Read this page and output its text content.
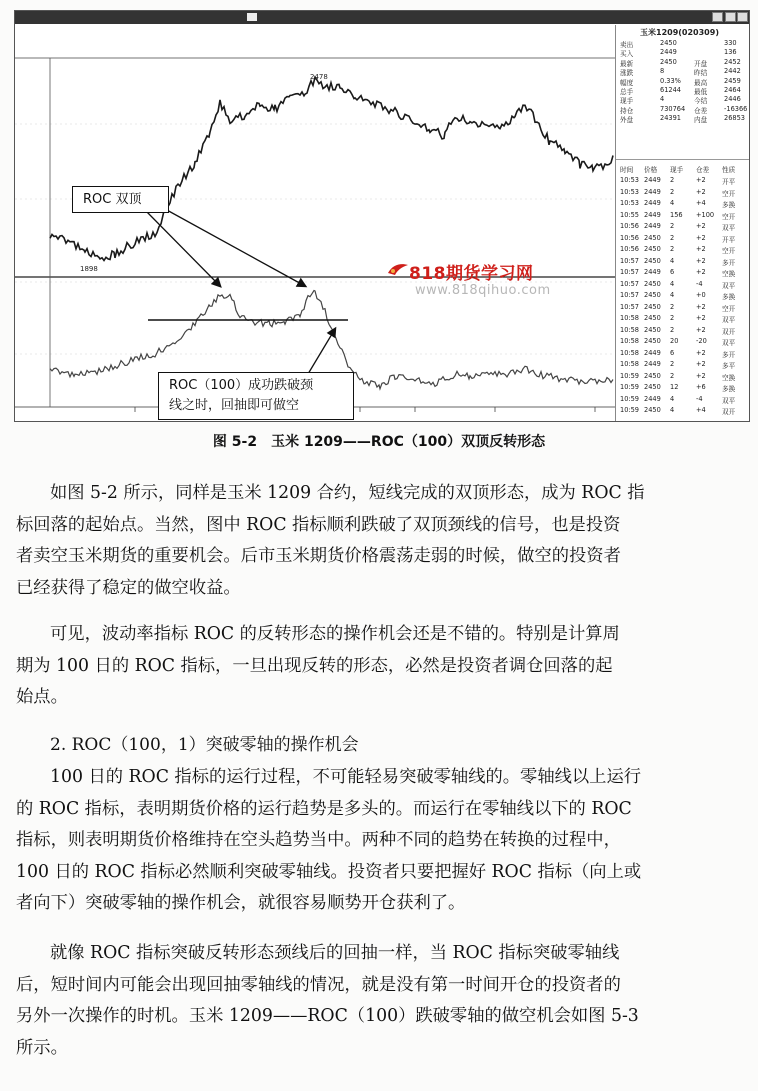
2478
1898
玉米1209(020309)
卖出	2450	330
买入	2449	136
最新	2450	开盘	2452
涨跌	8	昨结	2442
幅度	0.33% 最高	2459
总手	61244 最低	2464
现手	4	今结	2446
持仓	730764 仓差	-16366
外盘	24391 内盘	26853
时间 价格 现手 仓差 性质
10:53 2449 2	+2 开平
10:53 2449 2	+2 空开
10:53 2449 4	+4 多换
10:55 2449 156 +100 空开
10:56 2449 2	+2 双平
10:56 2450 2	+2 开平
10:56 2450 2	+2 空开
10:57 2450 4	+2 多开
10:57 2449 6	+2 空换
10:57 2450 4	-4	双平
10:57 2450 4	+0 多换
10:57 2450 2	+2 空开
10:58 2450 2	+2 双平
10:58 2450 2	+2 双开
10:58 2450 20	-20 双平
10:58 2449 6	+2 多开
10:58 2449 2	+2 多平
10:59 2450 2	+2 空换
10:59 2450 12	+6 多换
10:59 2449 4	-4	双平
10:59 2450 4	+4 双开
818期货学习网
www.818qihuo.com
ROC 双顶
ROC（100）成功跌破颈
线之时，回抽即可做空
图 5-2　玉米 1209——ROC（100）双顶反转形态
如图 5-2 所示，同样是玉米 1209 合约，短线完成的双顶形态，成为 ROC 指
标回落的起始点。当然，图中 ROC 指标顺利跌破了双顶颈线的信号，也是投资
者卖空玉米期货的重要机会。后市玉米期货价格震荡走弱的时候，做空的投资者
已经获得了稳定的做空收益。
可见，波动率指标 ROC 的反转形态的操作机会还是不错的。特别是计算周
期为 100 日的 ROC 指标，一旦出现反转的形态，必然是投资者调仓回落的起
始点。
2. ROC（100，1）突破零轴的操作机会
100 日的 ROC 指标的运行过程，不可能轻易突破零轴线的。零轴线以上运行
的 ROC 指标，表明期货价格的运行趋势是多头的。而运行在零轴线以下的 ROC
指标，则表明期货价格维持在空头趋势当中。两种不同的趋势在转换的过程中，
100 日的 ROC 指标必然顺利突破零轴线。投资者只要把握好 ROC 指标（向上或
者向下）突破零轴的操作机会，就很容易顺势开仓获利了。
就像 ROC 指标突破反转形态颈线后的回抽一样，当 ROC 指标突破零轴线
后，短时间内可能会出现回抽零轴线的情况，就是没有第一时间开仓的投资者的
另外一次操作的时机。玉米 1209——ROC（100）跌破零轴的做空机会如图 5-3
所示。
